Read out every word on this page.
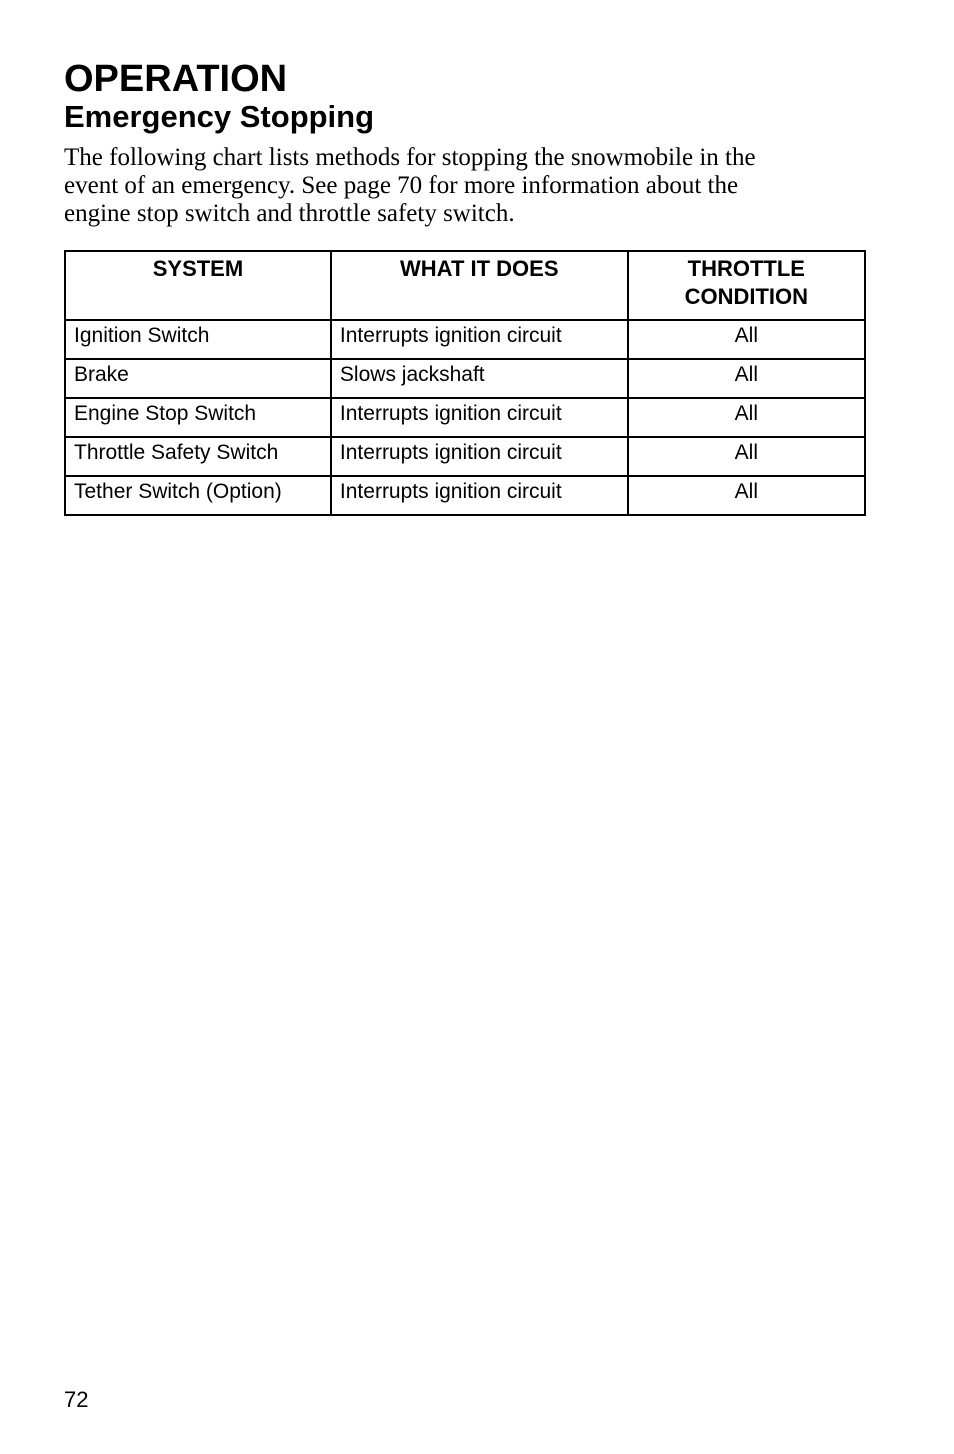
OPERATION
Emergency Stopping

The following chart lists methods for stopping the snowmobile in the
event of an emergency. See page 70 for more information about the
engine stop switch and throttle safety switch.

SYSTEM	WHAT IT DOES	THROTTLE
CONDITION
Ignition Switch	Interrupts ignition circuit	All
Brake	Slows jackshaft	All
Engine Stop Switch	Interrupts ignition circuit	All
Throttle Safety Switch	Interrupts ignition circuit	All
Tether Switch (Option)	Interrupts ignition circuit	All

72
